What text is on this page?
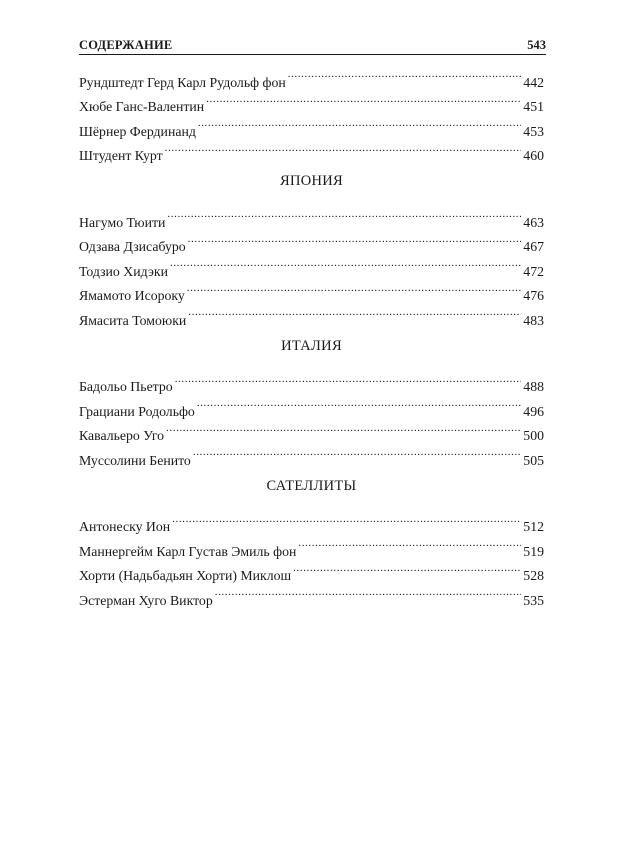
СОДЕРЖАНИЕ	543
Рундштедт Герд Карл Рудольф фон .....	442
Хюбе Ганс-Валентин .....	451
Шёрнер Фердинанд .....	453
Штудент Курт .....	460
ЯПОНИЯ
Нагумо Тюити .....	463
Одзава Дзисабуро .....	467
Тодзио Хидэки .....	472
Ямамото Исороку .....	476
Ямасита Томоюки .....	483
ИТАЛИЯ
Бадольо Пьетро .....	488
Грациани Родольфо .....	496
Кавальеро Уго .....	500
Муссолини Бенито .....	505
САТЕЛЛИТЫ
Антонеску Ион .....	512
Маннергейм Карл Густав Эмиль фон .....	519
Хорти (Надьбадьян Хорти) Миклош .....	528
Эстерман Хуго Виктор .....	535
